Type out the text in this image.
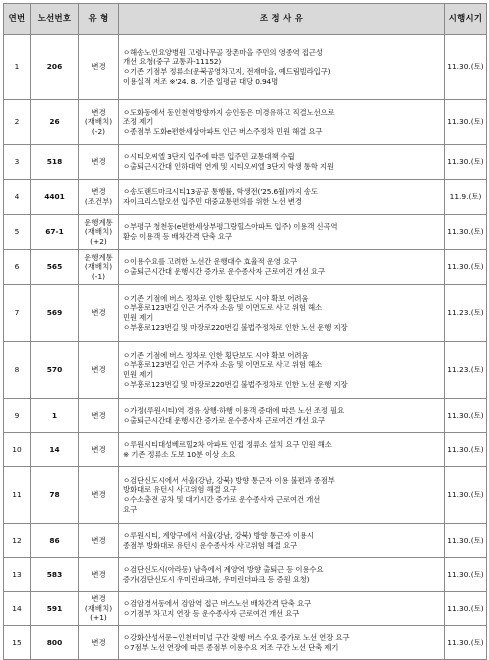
연번	노선번호	유 형	조 정 사 유	시행시기
1	206	변경	ㅇ해송노인요양병원 고령나무골 장촌마을 주민의 영종역 접근성
개선 요청(중구 교통과-11152)
ㅇ기존 기점부 정류소(운북공영차고지, 전재마을, 예드림빌라입구)
이용실적 저조 ※'24. 8. 기준 일평균 대당 0.94명	11.30.(토)
2	26	변경
(재배치)
(-2)	ㅇ도화동에서 동인천역방향까지 승인동은 미경유하고 직결노선으로
조정 제기
ㅇ종점부 도화e편한세상아파트 인근 버스주정차 민원 해결 요구	11.30.(토)
3	518	변경	ㅇ시티오씨엘 3단지 입주에 따른 입주민 교통대책 수립
ㅇ출퇴근시간대 인하대역 연계 및 시티오씨엘 3단지 학생 통학 지원	11.30.(토)
4	4401	변경
(조건부)	ㅇ송도랜드마크시티13공공 통행률, 학생전('25.6월)까지 송도
자이크리스탈오션 입주민 대중교통편의를 위한 노선 변경	11.9.(토)
5	67-1	운행계통
(재배치)
(+2)	ㅇ부평구 청천동(e편한세상부평그랑힐스아파트 입주) 이용객 신곡역
환승 이용객 등 배차간격 단축 요구	11.30.(토)
6	565	운행계통
(재배치)
(-1)	ㅇ이용수요를 고려한 노선간 운행대수 효율적 운영 요구
ㅇ출퇴근시간대 운행시간 증가로 운수종사자 근로여건 개선 요구	11.30.(토)
7	569	변경	ㅇ기존 기점에 버스 정차로 인한 횡단보도 시야 확보 어려움
ㅇ부흥로123번길 인근 거주자 소음 및 이면도로 사고 위험 해소
민원 제기
ㅇ부흥로123번길 및 마장로220번길 불법주정차로 인한 노선 운행 지장	11.23.(토)
8	570	변경	ㅇ기존 기점에 버스 정차로 인한 횡단보도 시야 확보 어려움
ㅇ부흥로123번길 인근 거주자 소음 및 이면도로 사고 위험 해소
민원 제기
ㅇ부흥로123번길 및 마장로220번길 불법주정차로 인한 노선 운행 지장	11.23.(토)
9	1	변경	ㅇ가정(루원시티)역 경유 상행·하행 이용객 증대에 따른 노선 조정 필요
ㅇ출퇴근시간대 운행시간 증가로 운수종사자 근로여건 개선 요구	11.30.(토)
10	14	변경	ㅇ루원시티대성베르힐2차 아파트 인접 정류소 설치 요구 민원 해소
※ 기존 정류소 도보 10분 이상 소요	11.30.(토)
11	78	변경	ㅇ검단신도시에서 서울(강남, 강북) 방향 통근자 이용 불편과 종점부
방화대로 유턴시 사고위험 해결 요구
ㅇ수소충전 공차 및 대기시간 증가로 운수종사자 근로여건 개선
요구	11.30.(토)
12	86	변경	ㅇ루원시티, 계양구에서 서울(강남, 강북) 방향 통근자 이용시
종점부 방화대로 유턴시 운수종사자 사고위험 해결 요구	11.30.(토)
13	583	변경	ㅇ검단신도시(아라동) 남측에서 계양역 방향 출퇴근 등 이용수요
증가(검단신도시 우미린파크뷰, 우미린더파크 등 증원 요청)	11.30.(토)
14	591	변경
(재배치)
(+1)	ㅇ검암경서동에서 검암역 접근 버스노선 배차간격 단축 요구
ㅇ기점부 차고지 연장 등 운수종사자 근로여건 개선 요구	11.30.(토)
15	800	변경	ㅇ강화산성서문~인천터미널 구간 잦행 버스 수요 증가로 노선 연장 요구
ㅇ7점부 노선 연장에 따른 종점부 이용수요 저조 구간 노선 단축 제기	11.30.(토)
